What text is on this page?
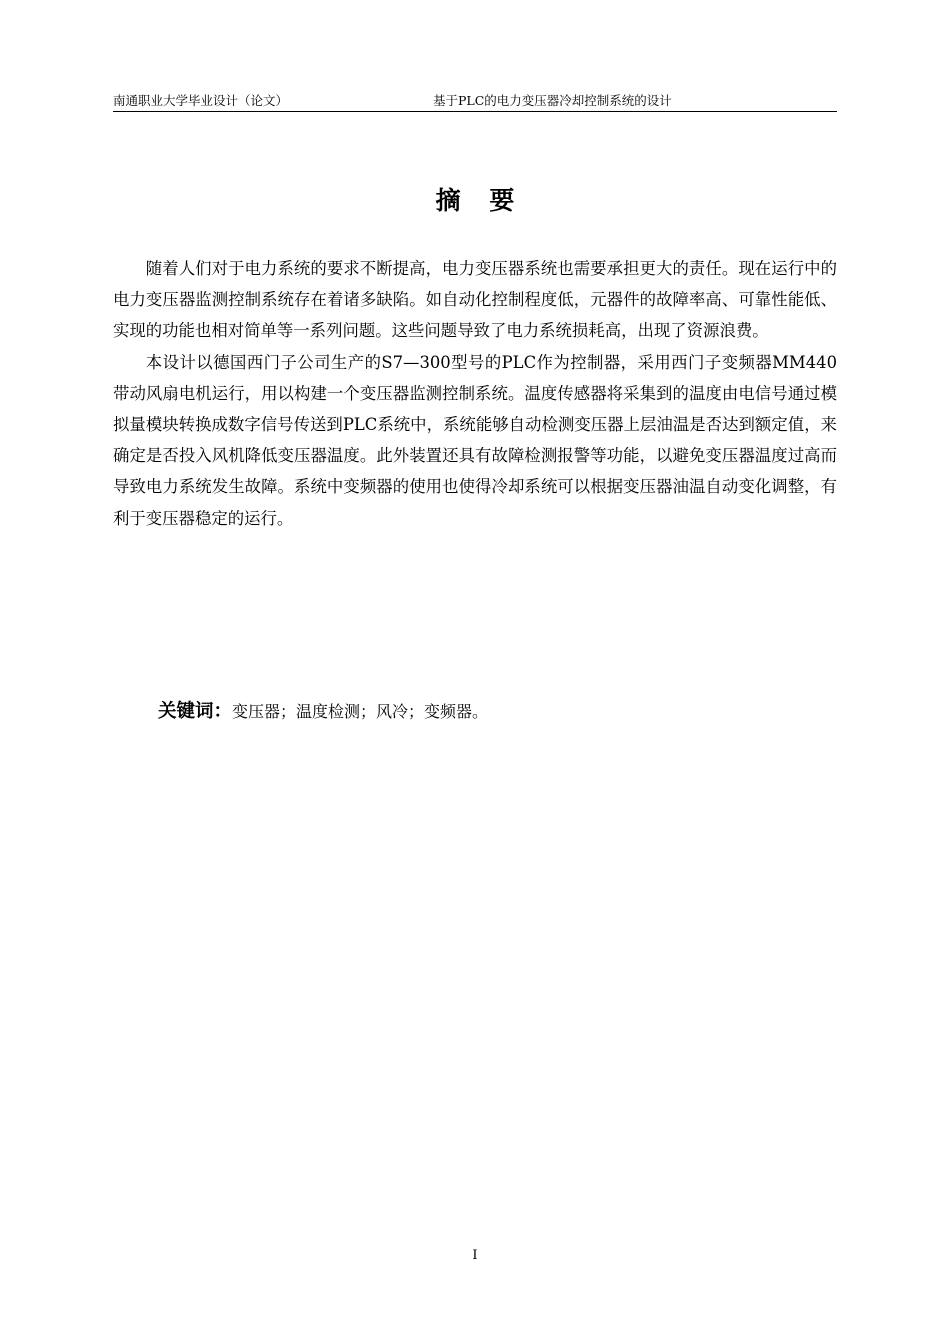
南通职业大学毕业设计（论文）	基于PLC的电力变压器冷却控制系统的设计
摘 要

随着人们对于电力系统的要求不断提高，电力变压器系统也需要承担更大的责任。现在运行中的电力变压器监测控制系统存在着诸多缺陷。如自动化控制程度低，元器件的故障率高、可靠性能低、实现的功能也相对简单等一系列问题。这些问题导致了电力系统损耗高，出现了资源浪费。

本设计以德国西门子公司生产的S7—300型号的PLC作为控制器，采用西门子变频器MM440带动风扇电机运行，用以构建一个变压器监测控制系统。温度传感器将采集到的温度由电信号通过模拟量模块转换成数字信号传送到PLC系统中，系统能够自动检测变压器上层油温是否达到额定值，来确定是否投入风机降低变压器温度。此外装置还具有故障检测报警等功能，以避免变压器温度过高而导致电力系统发生故障。系统中变频器的使用也使得冷却系统可以根据变压器油温自动变化调整，有利于变压器稳定的运行。

关键词：变压器；温度检测；风冷；变频器。
I
